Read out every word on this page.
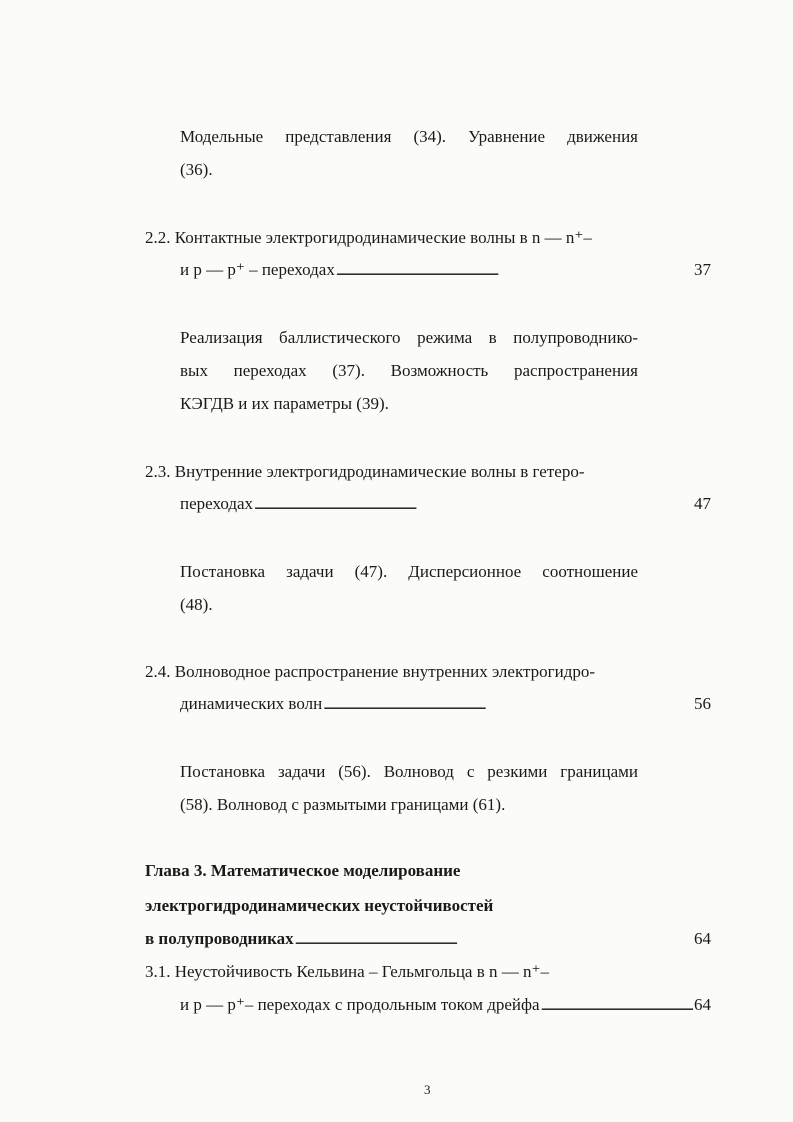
Модельные представления (34). Уравнение движения
(36).
2.2. Контактные электрогидродинамические волны в n — n⁺–
и p — p⁺ – переходах . . .	37
Реализация баллистического режима в полупроводнико-
вых переходах (37). Возможность распространения
КЭГДВ и их параметры (39).
2.3. Внутренние электрогидродинамические волны в гетеро-
переходах . . .	47
Постановка задачи (47). Дисперсионное соотношение
(48).
2.4. Волноводное распространение внутренних электрогидро-
динамических волн . . .	56
Постановка задачи (56). Волновод с резкими границами
(58). Волновод с размытыми границами (61).
Глава 3. Математическое моделирование
электрогидродинамических неустойчивостей
в полупроводниках . . .	64
3.1. Неустойчивость Кельвина – Гельмгольца в n — n⁺–
и p — p⁺– переходах с продольным током дрейфа . . .	64
3
